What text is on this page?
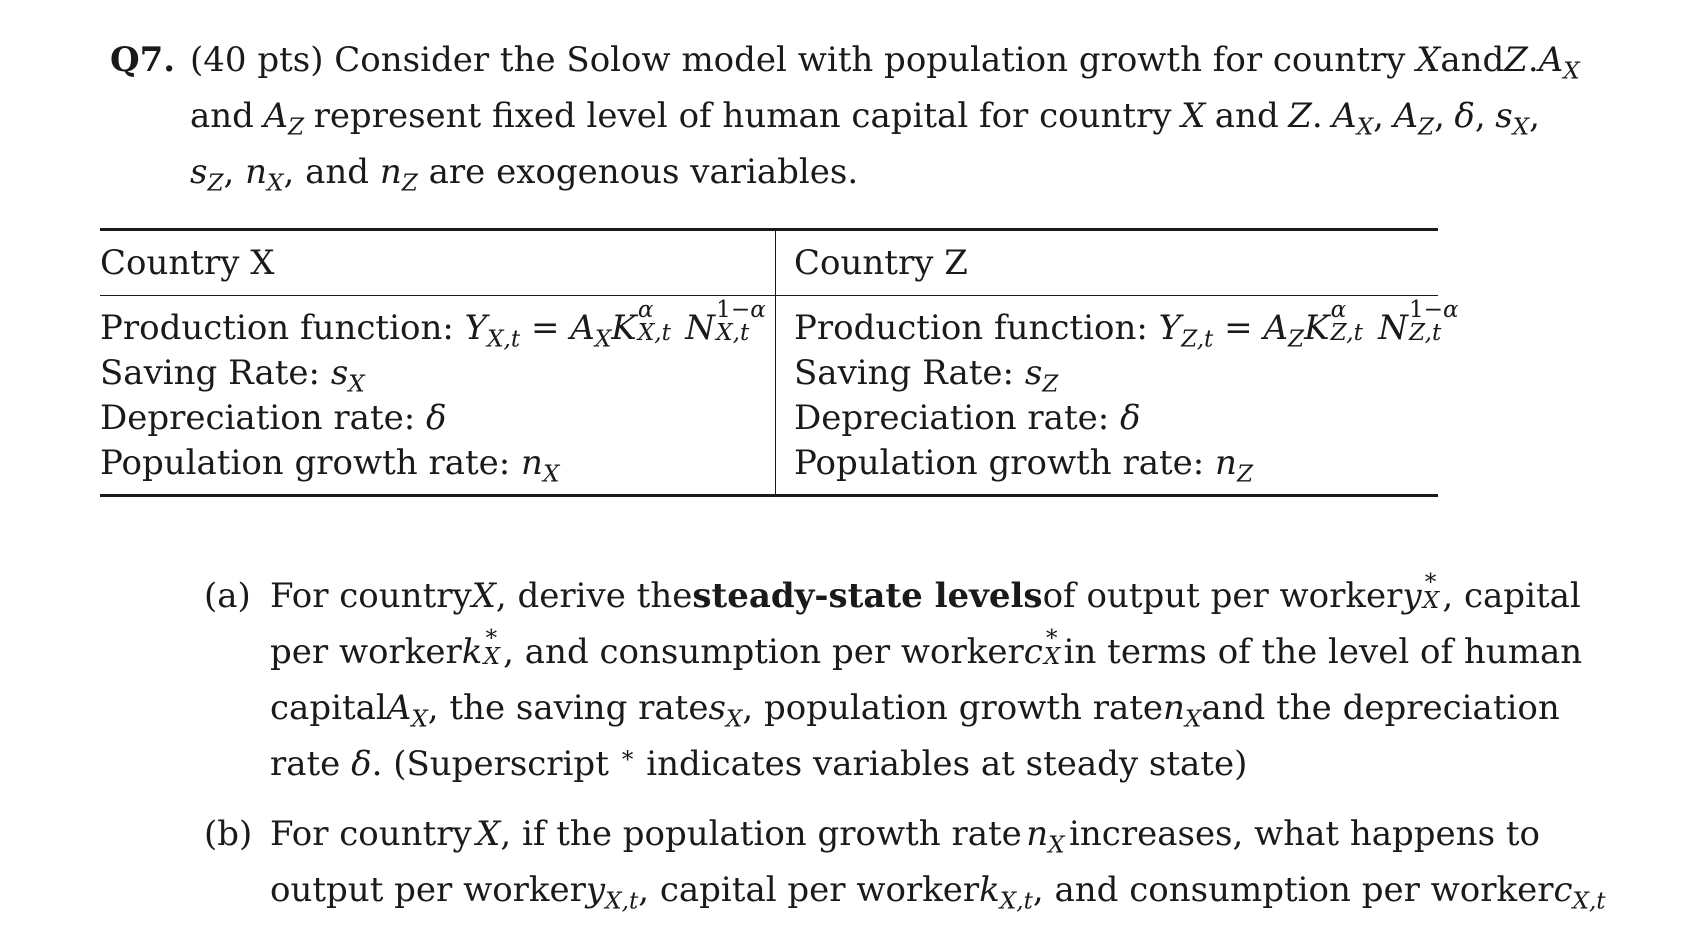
Q7. (40 pts) Consider the Solow model with population growth for country X and Z. $A_X$
and $A_Z$ represent fixed level of human capital for country X and Z. $A_X$, $A_Z$, δ, $s_X$,
$s_Z$, $n_X$, and $n_Z$ are exogenous variables.
Country X	Country Z
Production function: $Y_{X,t} = A_XK$ α
X,t N 1−α
X,t
Saving Rate: $s_X$
Depreciation rate: δ
Population growth rate: $n_X$
Production function: $Y_{Z,t} = A_ZK$ α
Z,t N 1−α
Z,t
Saving Rate: $s_Z$
Depreciation rate: δ
Population growth rate: $n_Z$
(a) For country X, derive the steady-state levels of output per worker y ∗
X , capital
per worker k ∗
X , and consumption per worker c ∗
X in terms of the level of human
capital $A_X$, the saving rate $s_X$, population growth rate $n_X$ and the depreciation
rate δ. (Superscript ∗ indicates variables at steady state)
(b) For country X, if the population growth rate $n_X$ increases, what happens to
output per worker $y_{X,t}$, capital per worker $k_{X,t}$, and consumption per worker $c_{X,t}$
